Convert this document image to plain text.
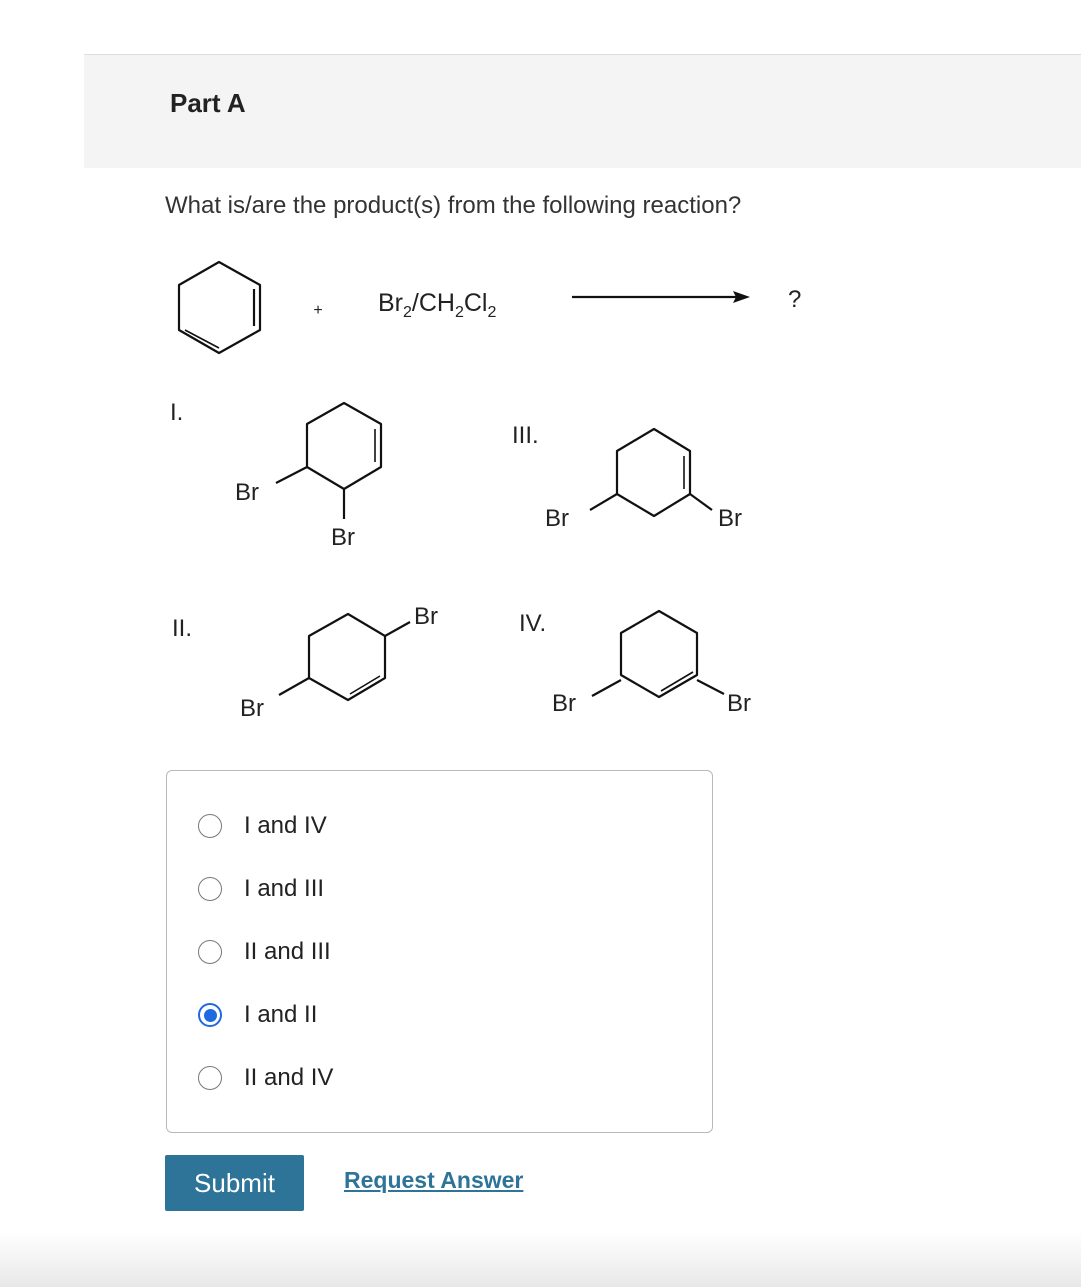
Part A
What is/are the product(s) from the following reaction?
+ $Br_2/CH_2Cl_2$	?
I.
Br
Br
III.
Br	Br
II.	Br
Br
IV.
Br	Br
I and IV
I and III
II and III
I and II
II and IV
Submit	Request Answer
